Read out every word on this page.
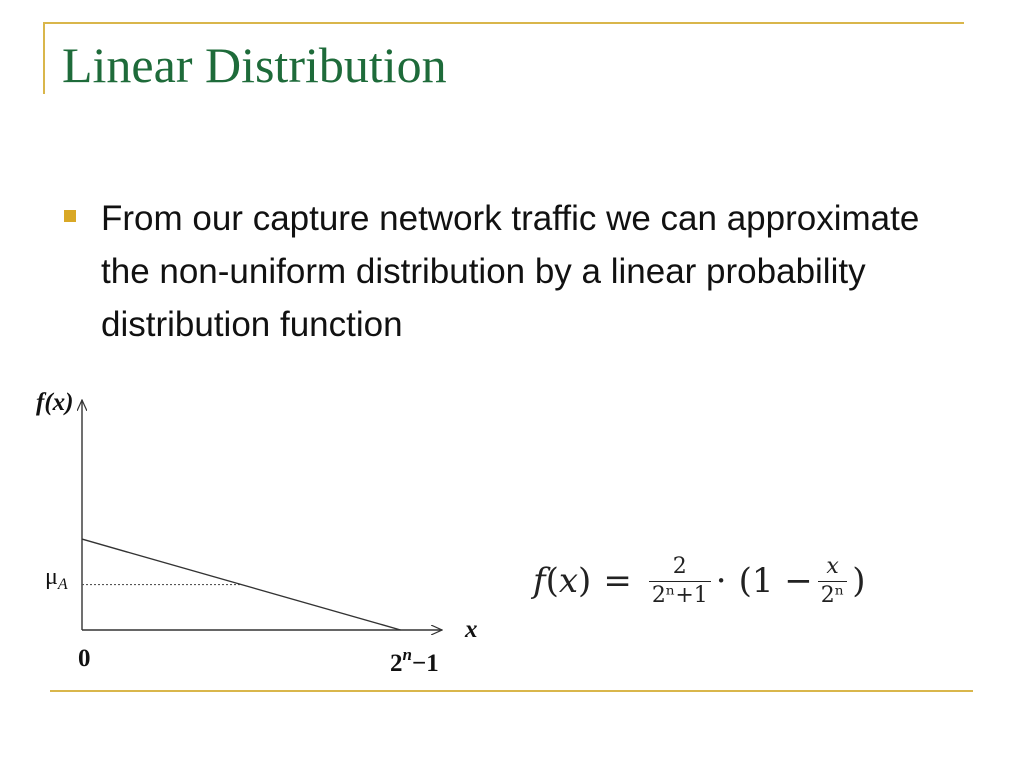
Linear Distribution
From our capture network traffic we can approximate the non-uniform distribution by a linear probability distribution function
f(x)
x
0	$2^n-1$
$\mu_A$	f ( x ) = $\frac{2}{\text{2ⁿ+1}} \cdot (1 - \frac{x}{\text{2ⁿ}}$ )
